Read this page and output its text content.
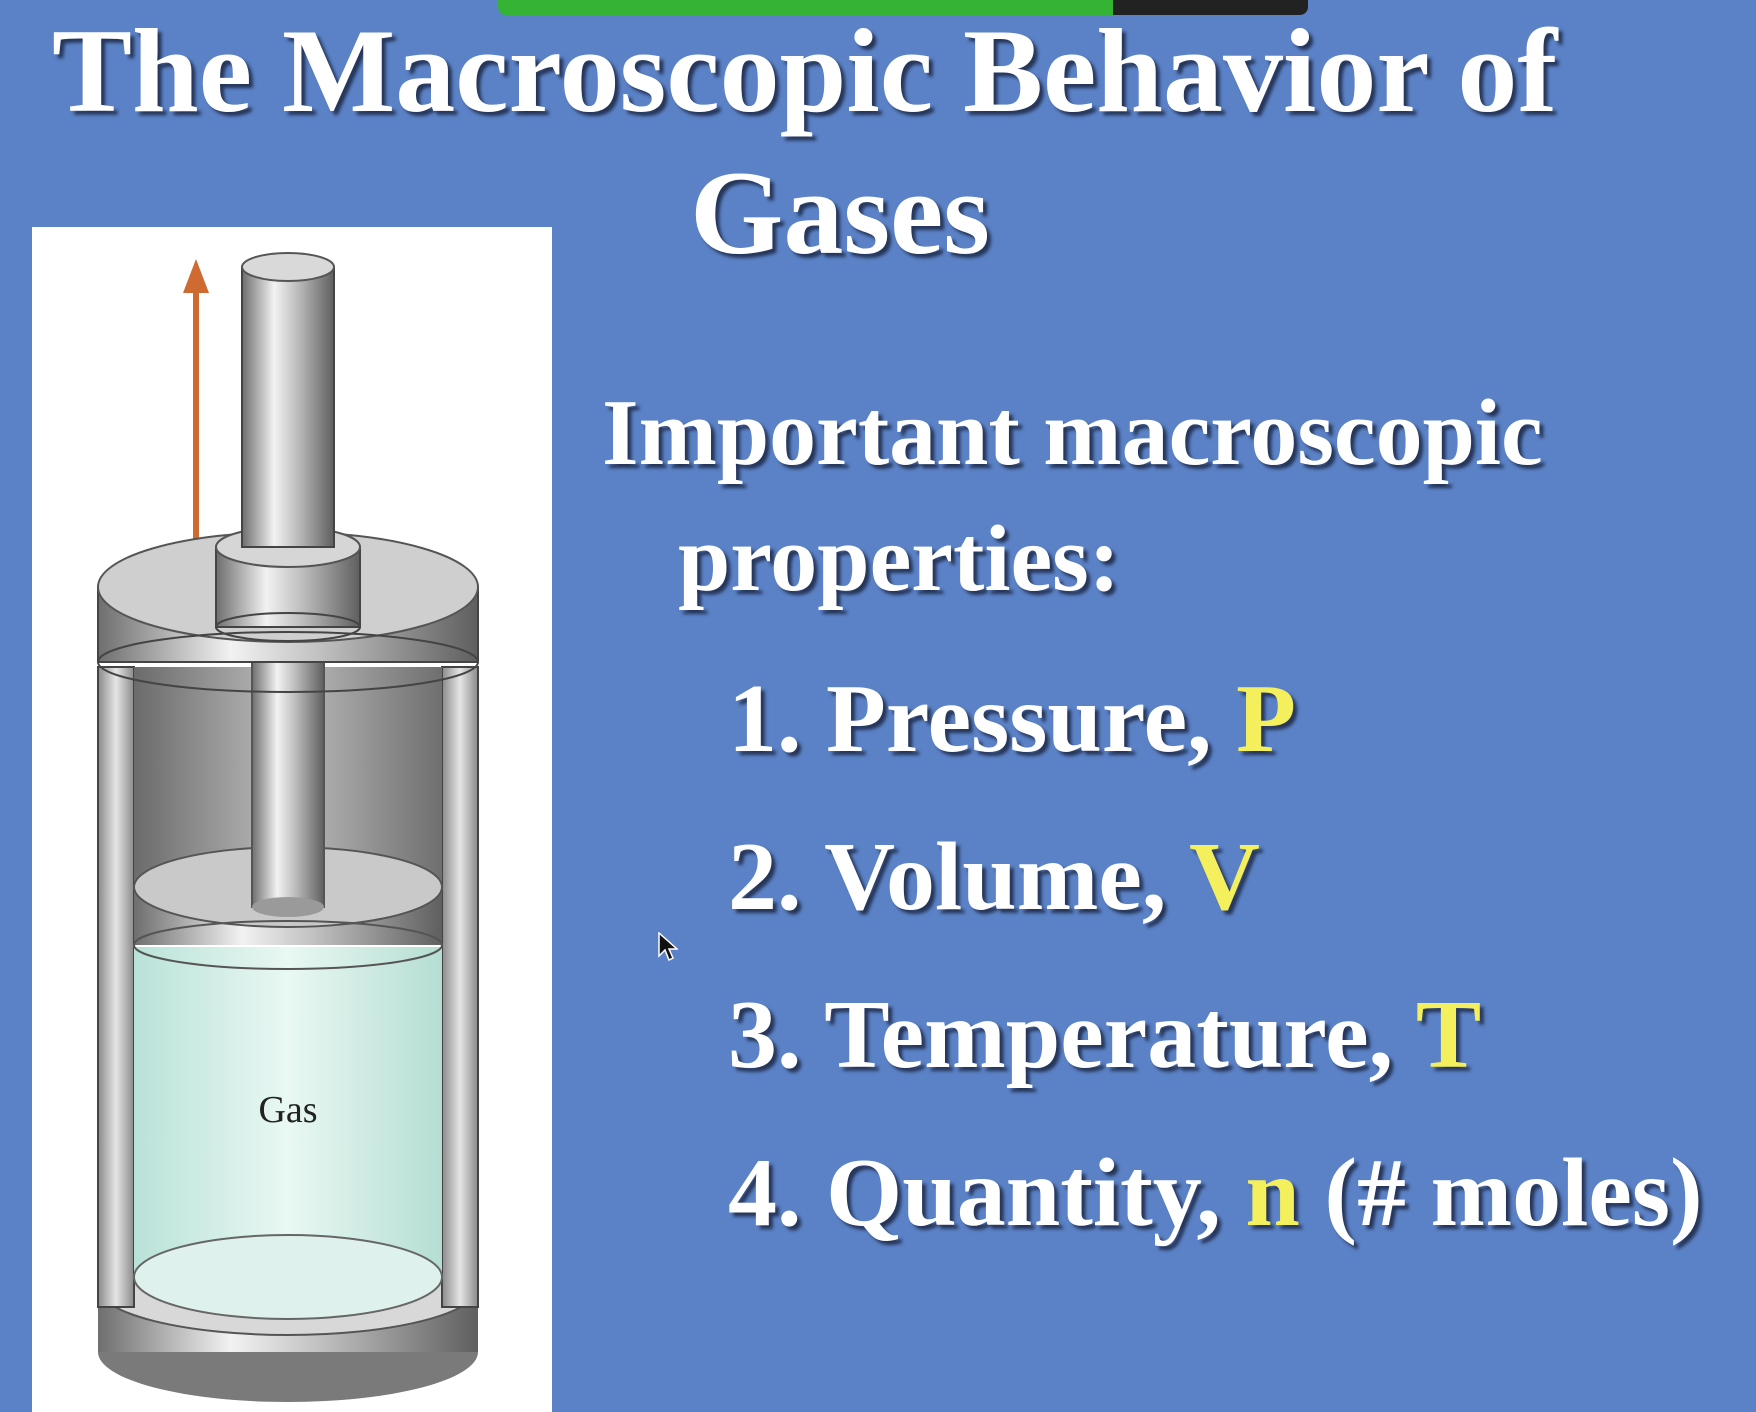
The Macroscopic Behavior of
Gases
Gas
Important macroscopic
properties:
1. Pressure, P
2. Volume, V
3. Temperature, T
4. Quantity, n (# moles)
